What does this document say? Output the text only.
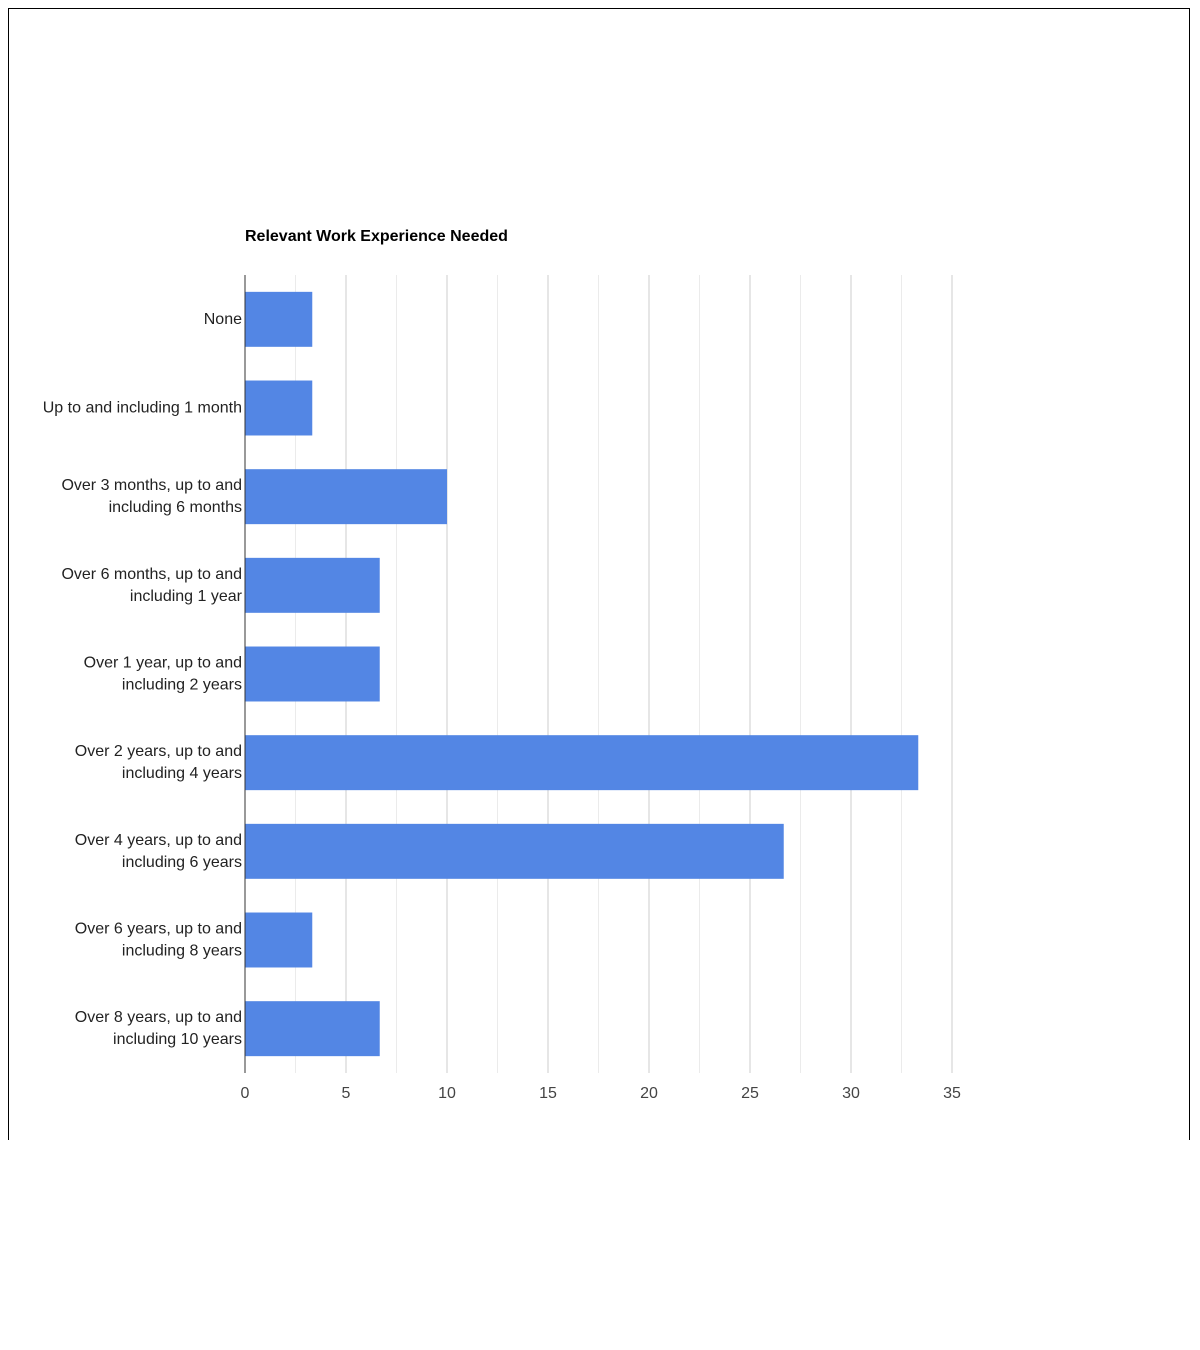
Relevant Work Experience Needed
None
Up to and including 1 month
Over 3 months, up to and including 6 months
Over 6 months, up to and including 1 year
Over 1 year, up to and including 2 years
Over 2 years, up to and including 4 years
Over 4 years, up to and including 6 years
Over 6 years, up to and including 8 years
Over 8 years, up to and including 10 years
0	5	10	15	20	25	30	35
